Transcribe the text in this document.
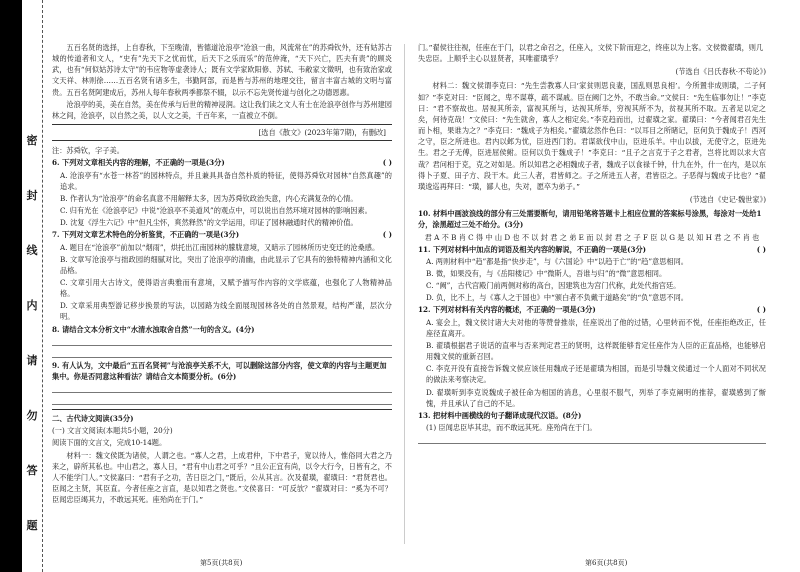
密
封
线
内
请
勿
答
题

五百名贤的选择，上自春秋，下至晚清，皆德道沧浪亭“沧浪一曲，风流常在”的苏舜钦外，还有姑苏古城的传道者和文人，“史有”先天下之忧而忧，后天下之乐而乐”的范仲淹，“天下兴亡，匹夫有责”的顾炎武，也有“何似姑苏诗太守”的韦应物等虚袭诗人；既有文学家欧阳修、苏轼、韦敞家文徵明，也有致治家或文天祥、林则徐……五百名贤有诸多生，书勤阿部，而是皆与苏州的地理交往，留言丰富古城的文明与富贵。五百名贤阿建成后，苏州人每年春秋两季都祭不辍，以示不忘先贤传道与创化之功德恩惠。

沧浪亭的美，美在自然，美在传承与后世的精神浸润。这让我们读之文人有士在沧浪亭创作与苏州建园林之间，沧浪亭，以自然之美，以人文之美，千百年来，一直被立不倒。

[选自《散文》(2023年第7期)，有删改]

注：苏舜钦，字子美。

6. 下列对文章相关内容的理解，不正确的一项是(3分)	( )

A. 沧浪亭有“水苍一林苔”的园林特点，并且兼具具备自然朴质的特征，使得苏舜钦对园林“自然真趣”的追求。

B. 作者认为“沧浪亭”的命名真意不用解释太多，因为苏舜钦政治失意，内心充满复杂的心情。

C. 归有光在《沧浪亭记》中说“沧浪亭不美道风”的观点中，可以说出自然环境对园林的影响因素。

D. 沈复《浮生六记》中“但凡尘怀，爽然释然”的文学运用，印证了园林融通时代的精神价值。

7. 下列对文章艺术特色的分析鉴赏，不正确的一项是(3分)	( )

A. 题目在“沧浪亭”前加以“烟雨”，烘托出江南园林的朦胧意境，又暗示了园林所历史变迁的沧桑感。

B. 文章写沧浪亭与拙政园的细腻对比，突出了沧浪亭的清幽，由此显示了它具有的独特精神内涵和文化品格。

C. 文章引用大古诗文，使得语言典雅而有意境，又赋予描写作内容的文学底蕴，也强化了人物精神品格。

D. 文章采用典型游记移步换景的写法，以园路为线全面展现园林各处的自然景观，结构严谨，层次分明。

8. 请结合文本分析文中“水清水浊取舍自然”一句的含义。(4分)

9. 有人认为，文中最后“五百名贤祠”与沧浪亭关系不大，可以删除这部分内容，使文章的内容与主题更加集中。你是否同意这种看法？请结合文本简要分析。(6分)

二、古代诗文阅读(35分)

(一) 文言文阅读(本题共5小题，20分)

阅读下面的文言文，完成10-14题。

材料一：魏文侯既为诸侯，人谓之也。“寡人之君，上成君仲，下中君子，宽以待人，惟俗同大君之乃来之，辟所其私也。中山君之，寡人日，“君有中山君之可乎？”且公正宜有尚，以令大行今，日皆有之，不人不能学门人。”文侯嘉曰：“君有子之功，苦日臣之门，”既后，公从其言。次及翟璜，翟璜曰：“君贤君也。臣闻之主贤，其臣直。今者任座之言直，是以知君之贤也。”文侯喜曰：“可反欤？”翟璜对曰：“奚为不可？臣闻忠臣竭其力，不敢远其死。座殆尚在于门。”

门。”翟侯往往视，任座在于门，以君之命召之，任座入，文侯下阶而迎之，终座以为上客。文侯微翟璜，则几失忠臣。上顺乎主心以显贤者，其唯翟璜乎？

(节选自《吕氏春秋·不苟论》)

材料二：魏文侯谓李克曰：“先生尝教寡人曰‘家贫则思良妻，国乱则思良相’。今所置非成则璜，二子何如？”李克对曰：“臣闻之，卑不谋尊，疏不谋戚。臣在阙门之外，不敢当命。”文侯曰：“先生临事勿让！”李克曰：“君不察故也。居视其所亲，富视其所与，达视其所举，穷视其所不为，贫视其所不取。五者足以定之矣，何待克哉！”文侯曰：“先生就舍，寡人之相定矣。”李克趋而出，过翟璜之家。翟璜曰：“今者闻君召先生而卜相，果谁为之？”李克曰：“魏成子为相矣。”翟璜忿然作色曰：“以耳目之所睹记，臣何负于魏成子！西河之守，臣之所进也。君内以邺为忧，臣进西门豹。君谋欲伐中山，臣进乐羊。中山以拔，无使守之，臣进先生。君之子无傅，臣进屈侯鲋。臣何以负于魏成子！”李克曰：“且子之言克于子之君者，岂将比周以求大官哉？君问相于克，克之对如是。所以知君之必相魏成子者，魏成子以食禄千钟，什九在外，什一在内，是以东得卜子夏、田子方、段干木。此三人者，君皆师之。子之所进五人者，君皆臣之。子恶得与魏成子比也？”翟璜逡巡再拜曰：“璜，鄙人也，失对，愿卒为弟子。”

(节选自《史记·魏世家》)

10. 材料中画波浪线的部分有三处需要断句，请用铅笔将答题卡上相应位置的答案标号涂黑，每涂对一处给1分，涂黑超过三处不给分。(3分)

君 A 不 B 肖 C 得 中 山 D 也 不 以 封 君 之 弟 E 而 以 封 君 之 子 F 臣 以 G 是 以 知 H 君 之 不 肖 也

11. 下列对材料中加点的词语及相关内容的解说，不正确的一项是(3分)	( )

A. 两则材料中“趋”都是指“快步走”，与《六国论》中“以趋于亡”的“趋”意思相同。

B. 微，如果没有，与《岳阳楼记》中“微斯人，吾谁与归”的“微”意思相同。

C. “阙”，古代宫殿门前两侧对称的高台，因建筑也为宫门代称，此处代指宫廷。

D. 负，比不上，与《寡人之于国也》中“颁白者不负戴于道路矣”的“负”意思不同。

12. 下列对材料有关内容的概述，不正确的一项是(3分)	( )

A. 宴会上，魏文侯讨诸大夫对他的等赞誉推崇，任座说出了他的过错，心里转而不悦，任座拒绝改正，任座径直离开。

B. 翟璜根据君子说话的直率与否来判定君王的贤明，这样既能够肯定任座作为人臣的正直品格，也能够启用魏文侯的重新召回。

C. 李克开没有直接告诉魏文侯应该任用魏成子还是翟璜为相国，而是引导魏文侯通过一个人面对不同状况的做法来考察决定。

D. 翟璜听到李克说魏成子被任命为相国的消息，心里很不服气，列举了李克阐明的推荐，翟璜感到了惭愧，并且承认了自己的不足。

13. 把材料中画横线的句子翻译成现代汉语。(8分)

(1) 臣闻忠臣毕其忠，而不敢远其死。座殆尚在于门。

第5页(共8页)	第6页(共8页)
